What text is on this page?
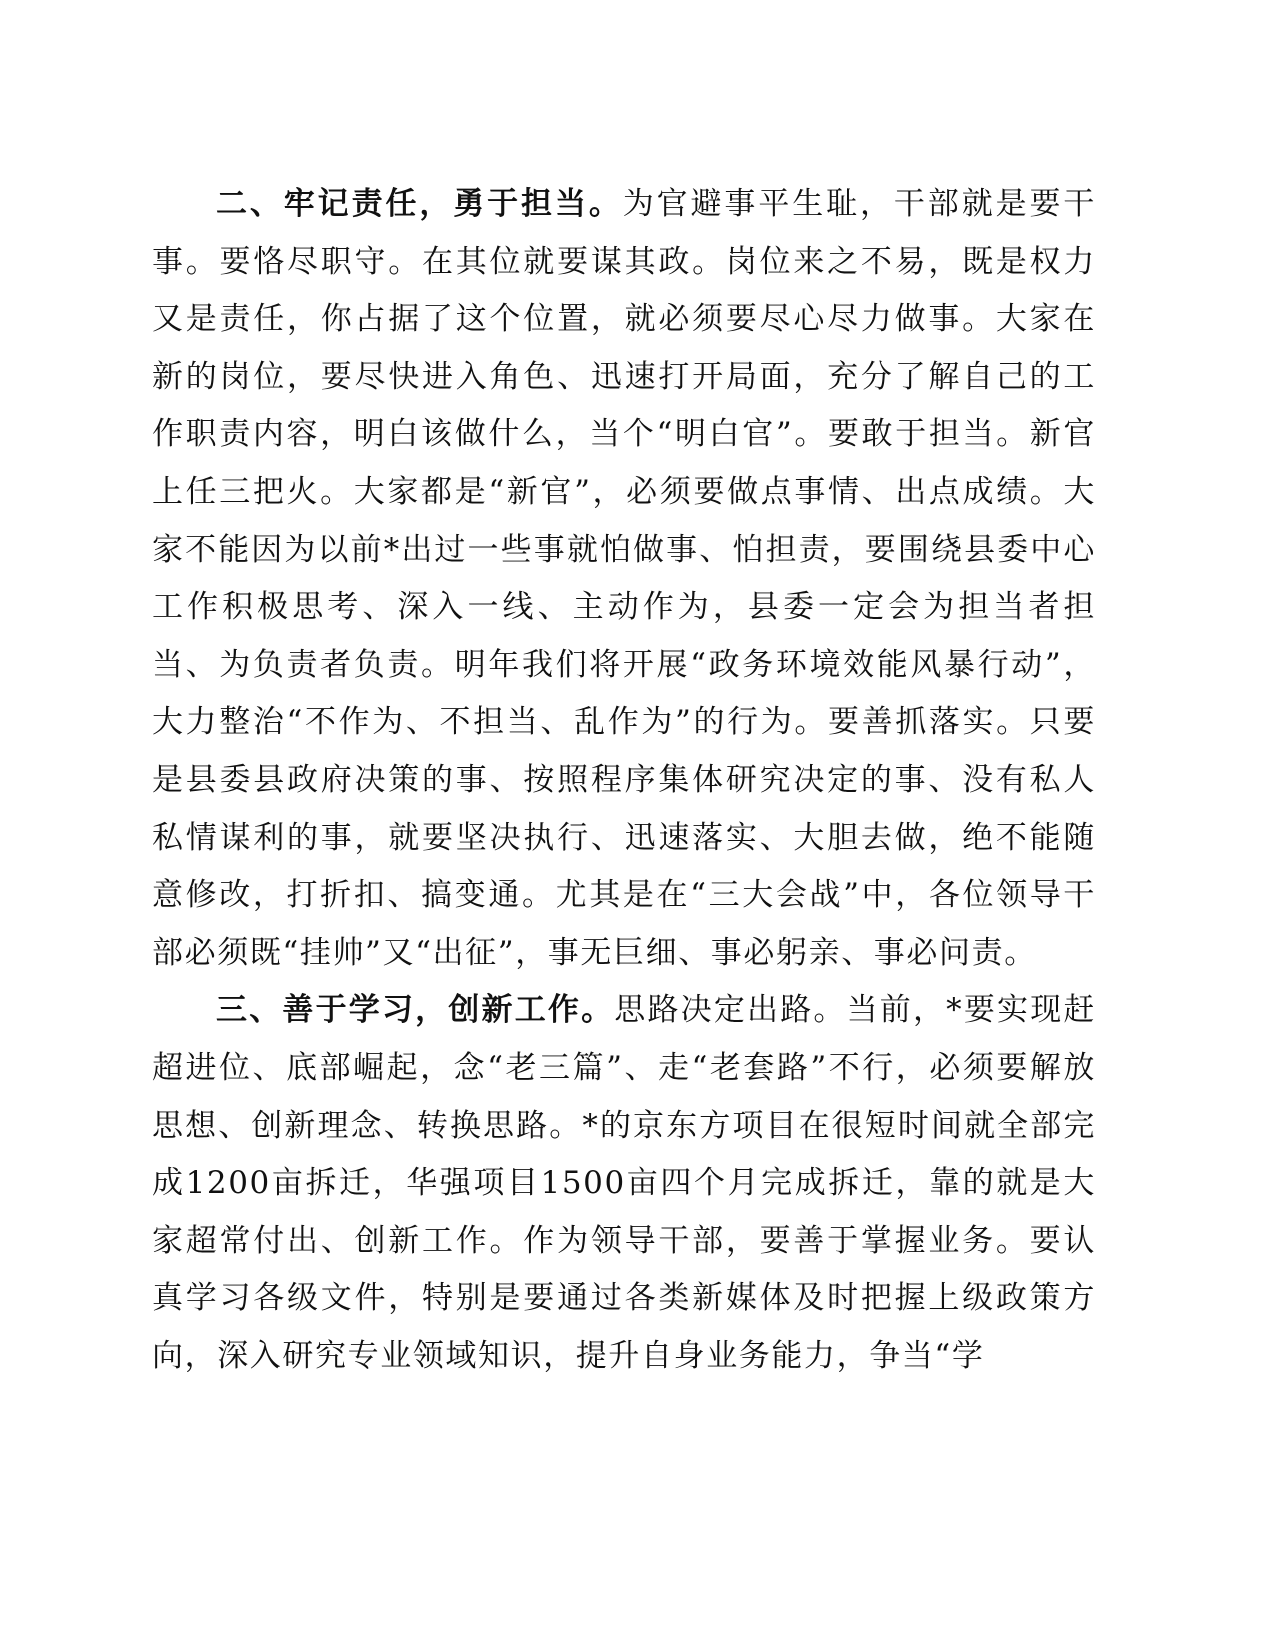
二、牢记责任，勇于担当。为官避事平生耻，干部就是要干事。要恪尽职守。在其位就要谋其政。岗位来之不易，既是权力又是责任，你占据了这个位置，就必须要尽心尽力做事。大家在新的岗位，要尽快进入角色、迅速打开局面，充分了解自己的工作职责内容，明白该做什么，当个“明白官”。要敢于担当。新官上任三把火。大家都是“新官”，必须要做点事情、出点成绩。大家不能因为以前*出过一些事就怕做事、怕担责，要围绕县委中心工作积极思考、深入一线、主动作为，县委一定会为担当者担当、为负责者负责。明年我们将开展“政务环境效能风暴行动”，大力整治“不作为、不担当、乱作为”的行为。要善抓落实。只要是县委县政府决策的事、按照程序集体研究决定的事、没有私人私情谋利的事，就要坚决执行、迅速落实、大胆去做，绝不能随意修改，打折扣、搞变通。尤其是在“三大会战”中，各位领导干部必须既“挂帅”又“出征”，事无巨细、事必躬亲、事必问责。

三、善于学习，创新工作。思路决定出路。当前，*要实现赶超进位、底部崛起，念“老三篇”、走“老套路”不行，必须要解放思想、创新理念、转换思路。*的京东方项目在很短时间就全部完成1200亩拆迁，华强项目1500亩四个月完成拆迁，靠的就是大家超常付出、创新工作。作为领导干部，要善于掌握业务。要认真学习各级文件，特别是要通过各类新媒体及时把握上级政策方向，深入研究专业领域知识，提升自身业务能力，争当“学
